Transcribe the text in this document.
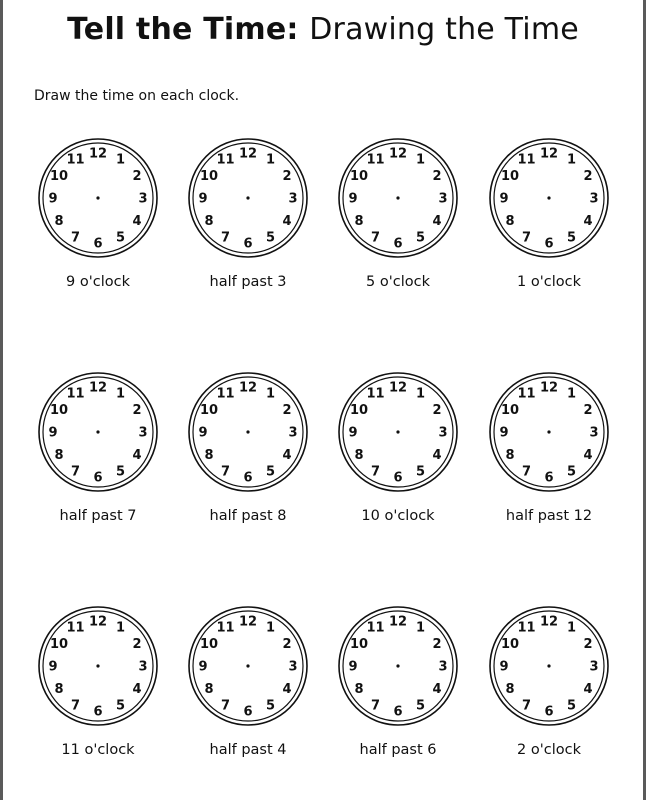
Tell the Time: Drawing the Time
Draw the time on each clock.
12 1
2
3
4
5
6
7
8
9
10
11
9 o'clock
12 1
2
3
4
5
6
7
8
9
10
11
half past 3
12 1
2
3
4
5
6
7
8
9
10
11
5 o'clock
12 1
2
3
4
5
6
7
8
9
10
11
1 o'clock
12 1
2
3
4
5
6
7
8
9
10
11
half past 7
12 1
2
3
4
5
6
7
8
9
10
11
half past 8
12 1
2
3
4
5
6
7
8
9
10
11
10 o'clock
12 1
2
3
4
5
6
7
8
9
10
11
half past 12
12 1
2
3
4
5
6
7
8
9
10
11
11 o'clock
12 1
2
3
4
5
6
7
8
9
10
11
half past 4
12 1
2
3
4
5
6
7
8
9
10
11
half past 6
12 1
2
3
4
5
6
7
8
9
10
11
2 o'clock
